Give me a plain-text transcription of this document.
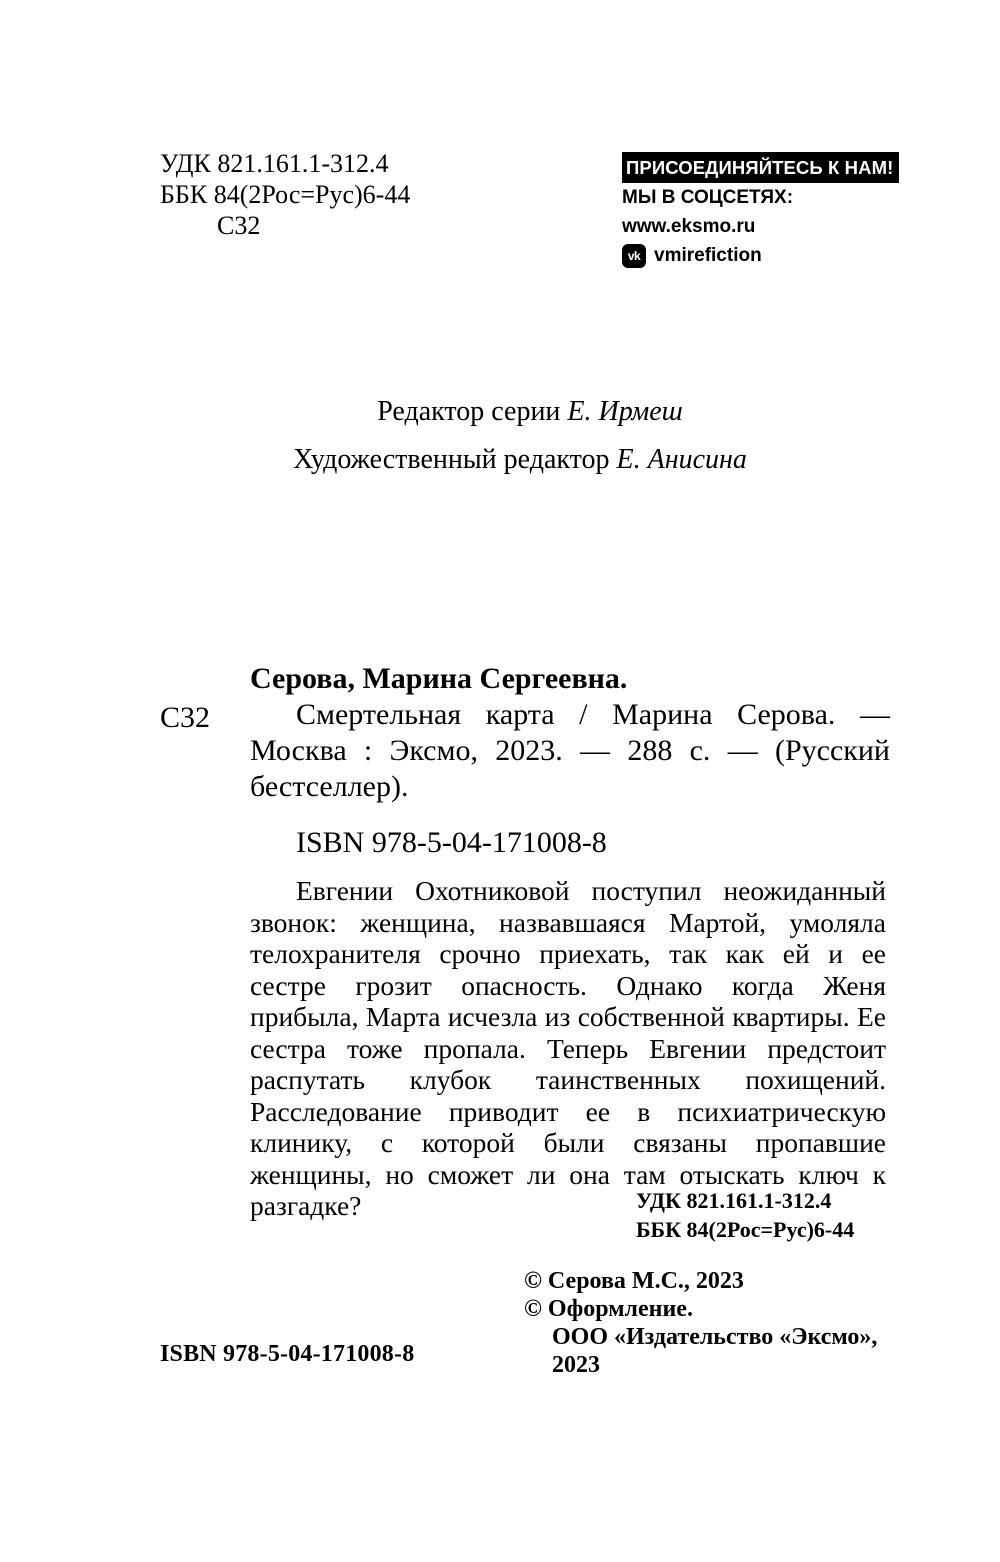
УДК 821.161.1-312.4
ББК 84(2Рос=Рус)6-44
С32
ПРИСОЕДИНЯЙТЕСЬ К НАМ!
МЫ В СОЦСЕТЯХ:
www.eksmo.ru
vk vmirefiction
Редактор серии Е. Ирмеш
Художественный редактор Е. Анисина
С32
Серова, Марина Сергеевна.
Смертельная карта / Марина Серова. — Москва : Эксмо, 2023. — 288 с. — (Русский бестселлер).
ISBN 978-5-04-171008-8
Евгении Охотниковой поступил неожиданный звонок: женщина, назвавшаяся Мартой, умоляла телохранителя срочно приехать, так как ей и ее сестре грозит опасность. Однако когда Женя прибыла, Марта исчезла из собственной квартиры. Ее сестра тоже пропала. Теперь Евгении предстоит распутать клубок таинственных похищений. Расследование приводит ее в психиатрическую клинику, с которой были связаны пропавшие женщины, но сможет ли она там отыскать ключ к разгадке?	УДК 821.161.1-312.4
ББК 84(2Рос=Рус)6-44
© Серова М.С., 2023
© Оформление.
ООО «Издательство «Эксмо»,
2023
ISBN 978-5-04-171008-8
